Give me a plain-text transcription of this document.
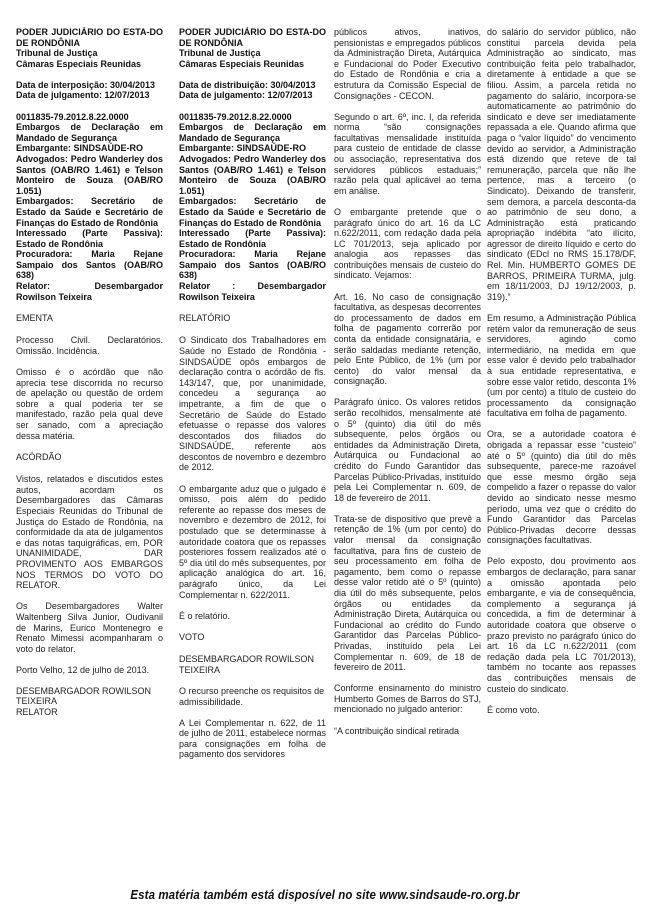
PODER JUDICIÁRIO DO ESTA-DO DE RONDÔNIA
Tribunal de Justiça
Câmaras Especiais Reunidas

Data de interposição: 30/04/2013
Data de julgamento: 12/07/2013

0011835-79.2012.8.22.0000
Embargos de Declaração em Mandado de Segurança
Embargante: SINDSAÚDE-RO
Advogados: Pedro Wanderley dos Santos (OAB/RO 1.461) e Telson Monteiro de Souza (OAB/RO 1.051)
Embargados: Secretário de Estado da Saúde e Secretário de Finanças do Estado de Rondônia
Interessado (Parte Passiva): Estado de Rondônia
Procuradora: Maria Rejane Sampaio dos Santos (OAB/RO 638)
Relator: Desembargador Rowilson Teixeira

EMENTA

Processo Civil. Declaratórios. Omissão. Incidência.

Omisso é o acórdão que não aprecia tese discorrida no recurso de apelação ou questão de ordem sobre a qual poderia ter se manifestado, razão pela qual deve ser sanado, com a apreciação dessa matéria.

ACÓRDÃO

Vistos, relatados e discutidos estes autos, acordam os Desembargadores das Câmaras Especiais Reunidas do Tribunal de Justiça do Estado de Rondônia, na conformidade da ata de julgamentos e das notas taquigráficas, em, POR UNANIMIDADE, DAR PROVIMENTO AOS EMBARGOS NOS TERMOS DO VOTO DO RELATOR.

Os Desembargadores Walter Waltenberg Silva Junior, Oudivanil de Marins, Eurico Montenegro e Renato Mimessi acompanharam o voto do relator.

Porto Velho, 12 de julho de 2013.

DESEMBARGADOR ROWILSON TEIXEIRA
RELATOR

PODER JUDICIÁRIO DO ESTA-DO DE RONDÔNIA
Tribunal de Justiça
Câmaras Especiais Reunidas

Data de distribuição: 30/04/2013
Data de julgamento: 12/07/2013

0011835-79.2012.8.22.0000
Embargos de Declaração em Mandado de Segurança
Embargante: SINDSAÚDE-RO
Advogados: Pedro Wanderley dos Santos (OAB/RO 1.461) e Telson Monteiro de Souza (OAB/RO 1.051)
Embargados: Secretário de Estado da Saúde e Secretário de Finanças do Estado de Rondônia
Interessado (Parte Passiva): Estado de Rondônia
Procuradora: Maria Rejane Sampaio dos Santos (OAB/RO 638)
Relator : Desembargador Rowilson Teixeira

RELATÓRIO

O Sindicato dos Trabalhadores em Saúde no Estado de Rondônia - SINDSAÚDE opôs embargos de declaração contra o acórdão de fls. 143/147, que, por unanimidade, concedeu a segurança ao impetrante, a fim de que o Secretário de Saúde do Estado efetuasse o repasse dos valores descontados dos filiados do SINDSAÚDE, referente aos descontos de novembro e dezembro de 2012.

O embargante aduz que o julgado é omisso, pois além do pedido referente ao repasse dos meses de novembro e dezembro de 2012, foi postulado que se determinasse à autoridade coatora que os repasses posteriores fossem realizados até o 5º dia útil do mês subsequentes, por aplicação analógica do art. 16, parágrafo único, da Lei Complementar n. 622/2011.

É o relatório.

VOTO

DESEMBARGADOR ROWILSON TEIXEIRA

O recurso preenche os requisitos de admissibilidade.

A Lei Complementar n. 622, de 11 de julho de 2011, estabelece normas para consignações em folha de pagamento dos servidores

públicos ativos, inativos, pensionistas e empregados públicos da Administração Direta, Autárquica e Fundacional do Poder Executivo do Estado de Rondônia e cria a estrutura da Comissão Especial de Consignações - CECON.

Segundo o art. 6º, inc. I, da referida norma “são consignações facultativas mensalidade instituída para custeio de entidade de classe ou associação, representativa dos servidores públicos estaduais;” razão pela qual aplicável ao tema em análise.

O embargante pretende que o parágrafo único do art. 16 da LC n.622/2011, com redação dada pela LC 701/2013, seja aplicado por analogia aos repasses das contribuições mensais de custeio do sindicato. Vejamos:

Art. 16. No caso de consignação facultativa, as despesas decorrentes do processamento de dados em folha de pagamento correrão por conta da entidade consignatária, e serão saldadas mediante retenção, pelo Ente Público, de 1% (um por cento) do valor mensal da consignação.

Parágrafo único. Os valores retidos serão recolhidos, mensalmente até o 5º (quinto) dia útil do mês subsequente, pelos órgãos ou entidades da Administração Direta, Autárquica ou Fundacional ao crédito do Fundo Garantidor das Parcelas Público-Privadas, instituído pela Lei Complementar n. 609, de 18 de fevereiro de 2011.

Trata-se de dispositivo que prevê a retenção de 1% (um por cento) do valor mensal da consignação facultativa, para fins de custeio de seu processamento em folha de pagamento, bem como o repasse desse valor retido até o 5º (quinto) dia útil do mês subsequente, pelos órgãos ou entidades da Administração Direta, Autárquica ou Fundacional ao crédito do Fundo Garantidor das Parcelas Público-Privadas, instituído pela Lei Complementar n. 609, de 18 de fevereiro de 2011.

Conforme ensinamento do ministro Humberto Gomes de Barros do STJ, mencionado no julgado anterior:

“A contribuição sindical retirada

do salário do servidor público, não constitui parcela devida pela Administração ao sindicato, mas contribuição feita pelo trabalhador, diretamente à entidade a que se filiou. Assim, a parcela retida no pagamento do salário, incorpora-se automaticamente ao patrimônio do sindicato e deve ser imediatamente repassada a ele. Quando afirma que paga o “valor líquido” do vencimento devido ao servidor, a Administração está dizendo que reteve de tal remuneração, parcela que não lhe pertence, mas a terceiro (o Sindicato). Deixando de transferir, sem demora, a parcela desconta-da ao patrimônio de seu dono, a Administração está praticando apropriação indébita “ato ilícito, agressor de direito líquido e certo do sindicato (EDcl no RMS 15.178/DF, Rel. Min. HUMBERTO GOMES DE BARROS, PRIMEIRA TURMA, julg. em 18/11/2003, DJ 19/12/2003, p. 319).”

Em resumo, a Administração Pública retém valor da remuneração de seus servidores, agindo como intermediário, na medida em que esse valor é devido pelo trabalhador à sua entidade representativa, e sobre esse valor retido, desconta 1% (um por cento) a título de custeio do processamento da consignação facultativa em folha de pagamento.

Ora, se a autoridade coatora é obrigada a repassar esse “custeio” até o 5º (quinto) dia útil do mês subsequente, parece-me razoável que esse mesmo órgão seja compelido a fazer o repasse do valor devido ao sindicato nesse mesmo período, uma vez que o crédito do Fundo Garantidor das Parcelas Público-Privadas decorre dessas consignações facultativas.

Pelo exposto, dou provimento aos embargos de declaração, para sanar a omissão apontada pelo embargante, e via de consequência, complemento a segurança já concedida, a fim de determinar à autoridade coatora que observe o prazo previsto no parágrafo único do art. 16 da LC n.622/2011 (com redação dada pela LC 701/2013), também no tocante aos repasses das contribuições mensais de custeio do sindicato.

É como voto.

Esta matéria também está disposível no site www.sindsaude-ro.org.br
